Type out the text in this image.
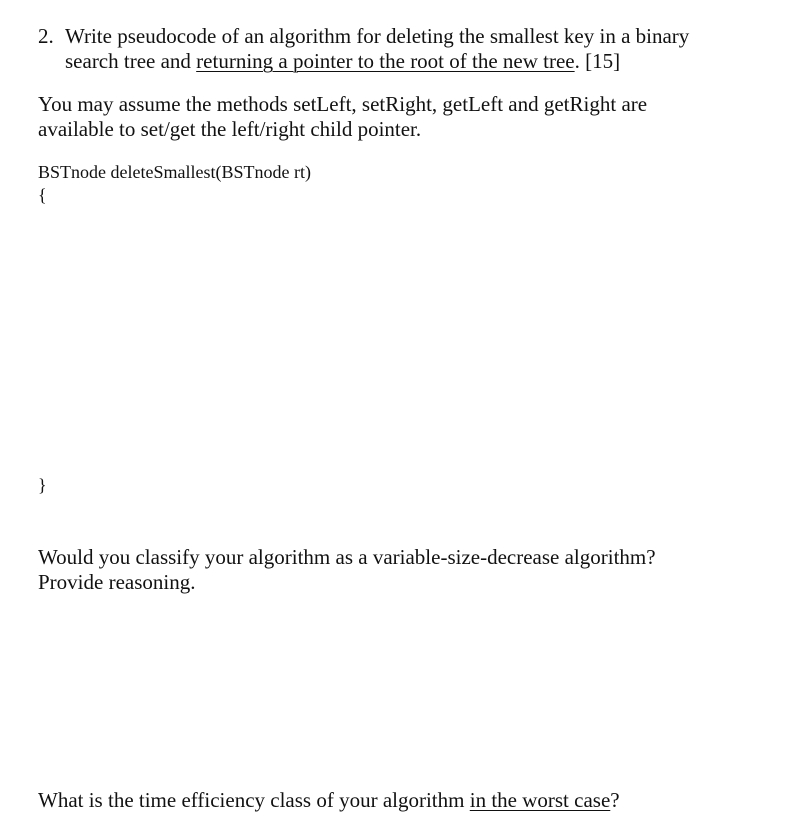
2. Write pseudocode of an algorithm for deleting the smallest key in a binary
search tree and returning a pointer to the root of the new tree. [15]
You may assume the methods setLeft, setRight, getLeft and getRight are
available to set/get the left/right child pointer.
BSTnode deleteSmallest(BSTnode rt)
{
}
Would you classify your algorithm as a variable-size-decrease algorithm?
Provide reasoning.
What is the time efficiency class of your algorithm in the worst case?
